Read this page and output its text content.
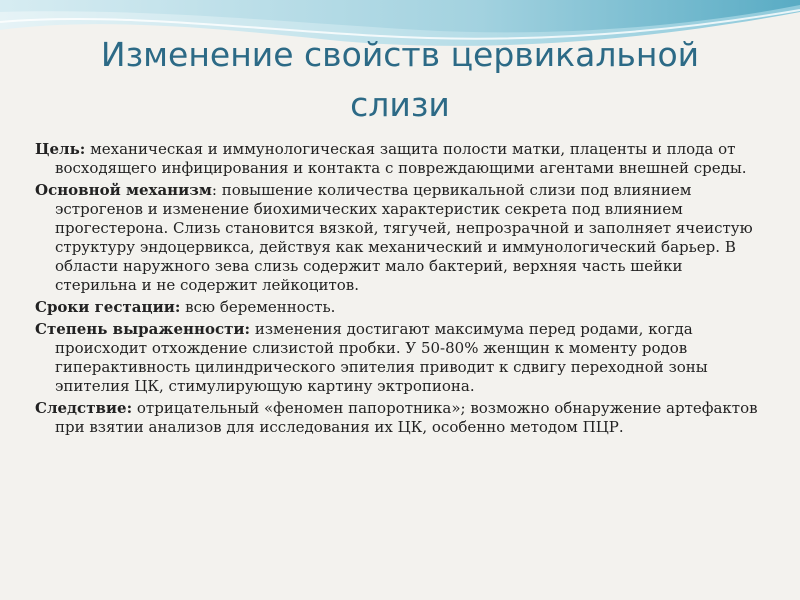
Изменение свойств цервикальной слизи

Цель: механическая и иммунологическая защита полости матки, плаценты и плода от восходящего инфицирования и контакта с повреждающими агентами внешней среды.

Основной механизм: повышение количества цервикальной слизи под влиянием эстрогенов и изменение биохимических характеристик секрета под влиянием прогестерона. Слизь становится вязкой, тягучей, непрозрачной и заполняет ячеистую структуру эндоцервикса, действуя как механический и иммунологический барьер. В области наружного зева слизь содержит мало бактерий, верхняя часть шейки стерильна и не содержит лейкоцитов.

Сроки гестации: всю беременность.

Степень выраженности: изменения достигают максимума перед родами, когда происходит отхождение слизистой пробки. У 50-80% женщин к моменту родов гиперактивность цилиндрического эпителия приводит к сдвигу переходной зоны эпителия ЦК, стимулирующую картину эктропиона.

Следствие: отрицательный «феномен папоротника»; возможно обнаружение артефактов при взятии анализов для исследования их ЦК, особенно методом ПЦР.
